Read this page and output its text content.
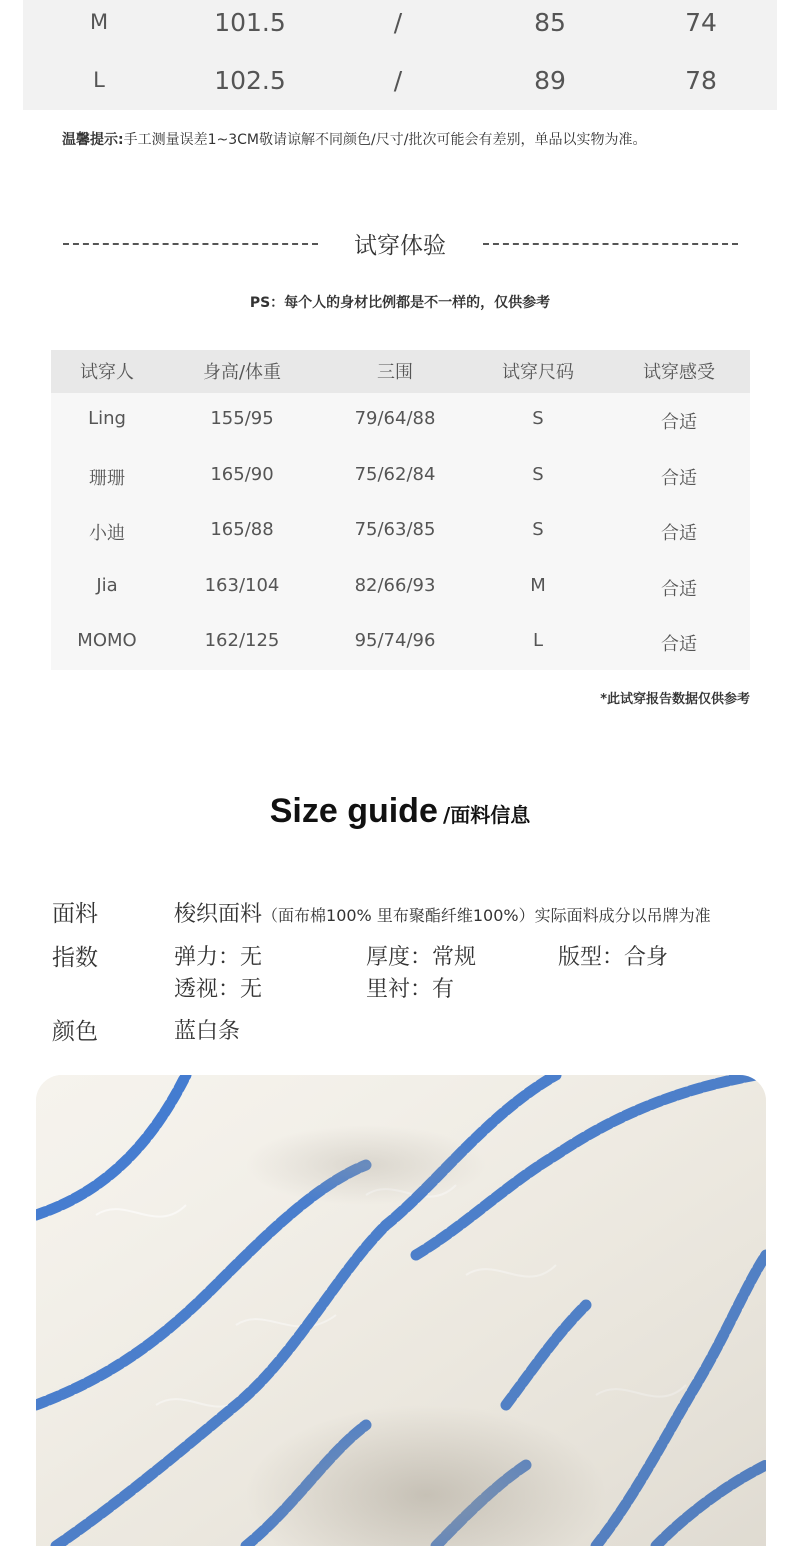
M	101.5	/	85	74
L	102.5	/	89	78
温馨提示:手工测量误差1~3CM敬请谅解不同颜色/尺寸/批次可能会有差别，单品以实物为准。
试穿体验
PS：每个人的身材比例都是不一样的，仅供参考
试穿人	身高/体重	三围	试穿尺码	试穿感受
Ling	155/95	79/64/88	S	合适
珊珊	165/90	75/62/84	S	合适
小迪	165/88	75/63/85	S	合适
Jia	163/104	82/66/93	M	合适
MOMO	162/125	95/74/96	L	合适
*此试穿报告数据仅供参考
Size guide /面料信息
面料	梭织面料（面布棉100% 里布聚酯纤维100%）实际面料成分以吊牌为准
指数	弹力：无	厚度：常规	版型：合身
透视：无	里衬：有
颜色	蓝白条
